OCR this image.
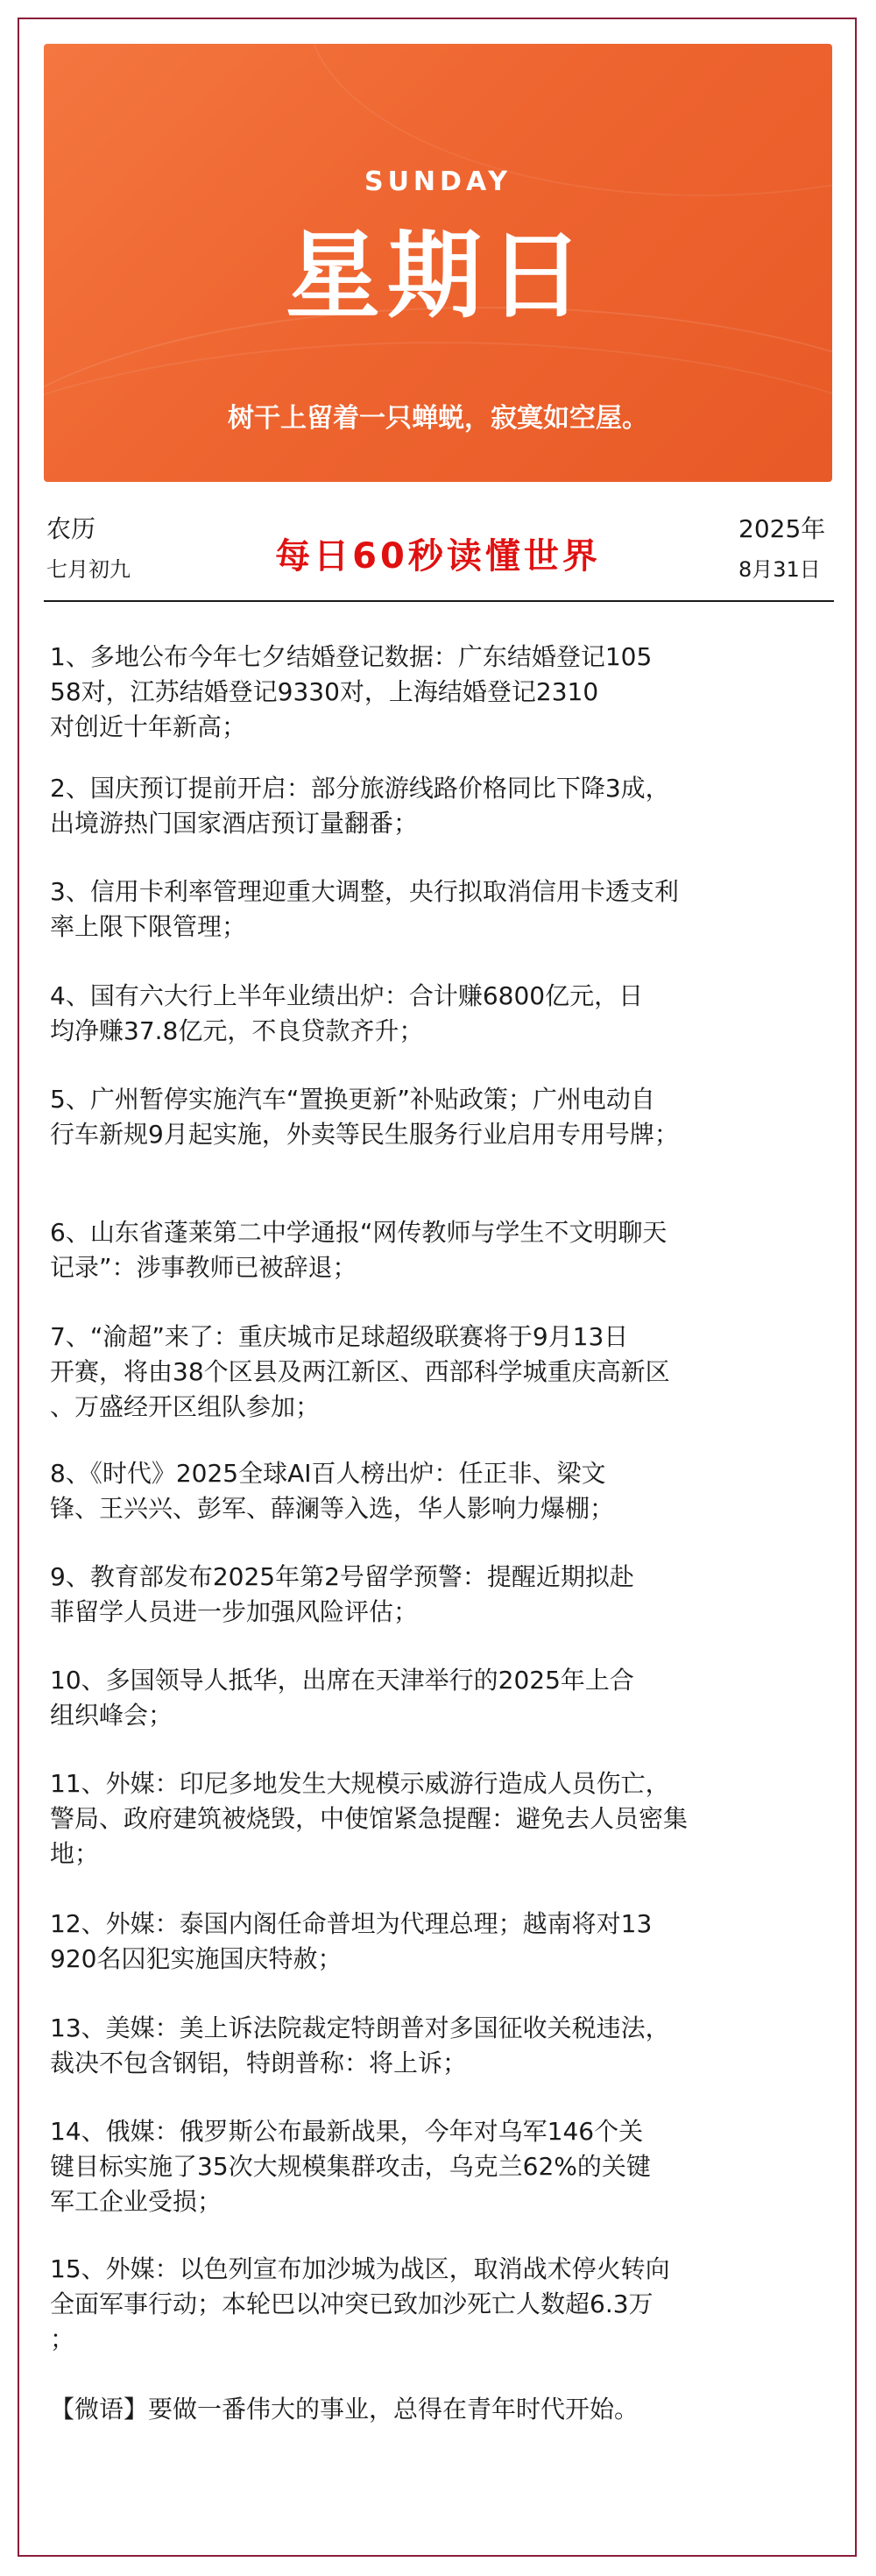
SUNDAY
星期日
树干上留着一只蝉蜕，寂寞如空屋。
农历
七月初九	每日60秒读懂世界
2025年
8月31日
1、多地公布今年七夕结婚登记数据：广东结婚登记105
58对，江苏结婚登记9330对，上海结婚登记2310
对创近十年新高；
2、国庆预订提前开启：部分旅游线路价格同比下降3成，
出境游热门国家酒店预订量翻番；
3、信用卡利率管理迎重大调整，央行拟取消信用卡透支利
率上限下限管理；
4、国有六大行上半年业绩出炉：合计赚6800亿元，日
均净赚37.8亿元，不良贷款齐升；
5、广州暂停实施汽车“置换更新”补贴政策；广州电动自
行车新规9月起实施，外卖等民生服务行业启用专用号牌；
6、山东省蓬莱第二中学通报“网传教师与学生不文明聊天
记录”：涉事教师已被辞退；
7、“渝超”来了：重庆城市足球超级联赛将于9月13日
开赛，将由38个区县及两江新区、西部科学城重庆高新区
、万盛经开区组队参加；
8、《时代》2025全球AI百人榜出炉：任正非、梁文
锋、王兴兴、彭军、薛澜等入选，华人影响力爆棚；
9、教育部发布2025年第2号留学预警：提醒近期拟赴
菲留学人员进一步加强风险评估；
10、多国领导人抵华，出席在天津举行的2025年上合
组织峰会；
11、外媒：印尼多地发生大规模示威游行造成人员伤亡，
警局、政府建筑被烧毁，中使馆紧急提醒：避免去人员密集
地；
12、外媒：泰国内阁任命普坦为代理总理；越南将对13
920名囚犯实施国庆特赦；
13、美媒：美上诉法院裁定特朗普对多国征收关税违法，
裁决不包含钢铝，特朗普称：将上诉；
14、俄媒：俄罗斯公布最新战果，今年对乌军146个关
键目标实施了35次大规模集群攻击，乌克兰62%的关键
军工企业受损；
15、外媒：以色列宣布加沙城为战区，取消战术停火转向
全面军事行动；本轮巴以冲突已致加沙死亡人数超6.3万
；
【微语】要做一番伟大的事业，总得在青年时代开始。
